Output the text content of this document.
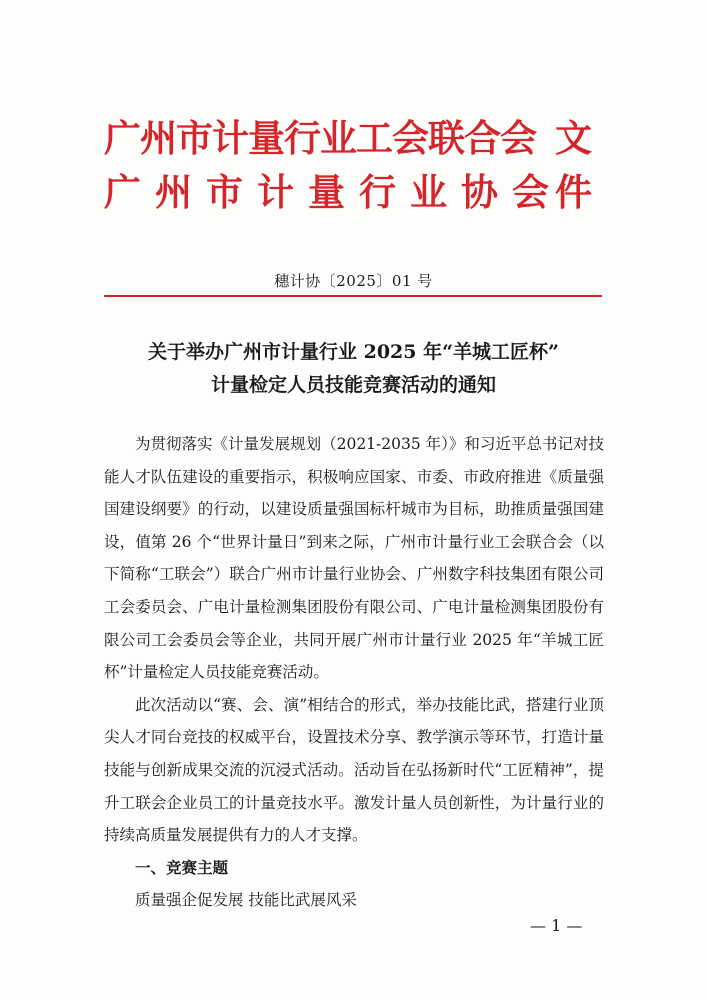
广州市计量行业工会联合会
广州市计量行业协会
文
件
穗计协〔2025〕01 号
关于举办广州市计量行业 2025 年“羊城工匠杯”
计量检定人员技能竞赛活动的通知

为贯彻落实《计量发展规划（2021-2035 年）》和习近平总书记对技能人才队伍建设的重要指示，积极响应国家、市委、市政府推进《质量强国建设纲要》的行动，以建设质量强国标杆城市为目标，助推质量强国建设，值第 26 个“世界计量日”到来之际，广州市计量行业工会联合会（以下简称“工联会”）联合广州市计量行业协会、广州数字科技集团有限公司工会委员会、广电计量检测集团股份有限公司、广电计量检测集团股份有限公司工会委员会等企业，共同开展广州市计量行业 2025 年“羊城工匠杯”计量检定人员技能竞赛活动。

此次活动以“赛、会、演”相结合的形式，举办技能比武，搭建行业顶尖人才同台竞技的权威平台，设置技术分享、教学演示等环节，打造计量技能与创新成果交流的沉浸式活动。活动旨在弘扬新时代“工匠精神”，提升工联会企业员工的计量竞技水平。激发计量人员创新性，为计量行业的持续高质量发展提供有力的人才支撑。

一、竞赛主题

质量强企促发展 技能比武展风采

— 1 —
